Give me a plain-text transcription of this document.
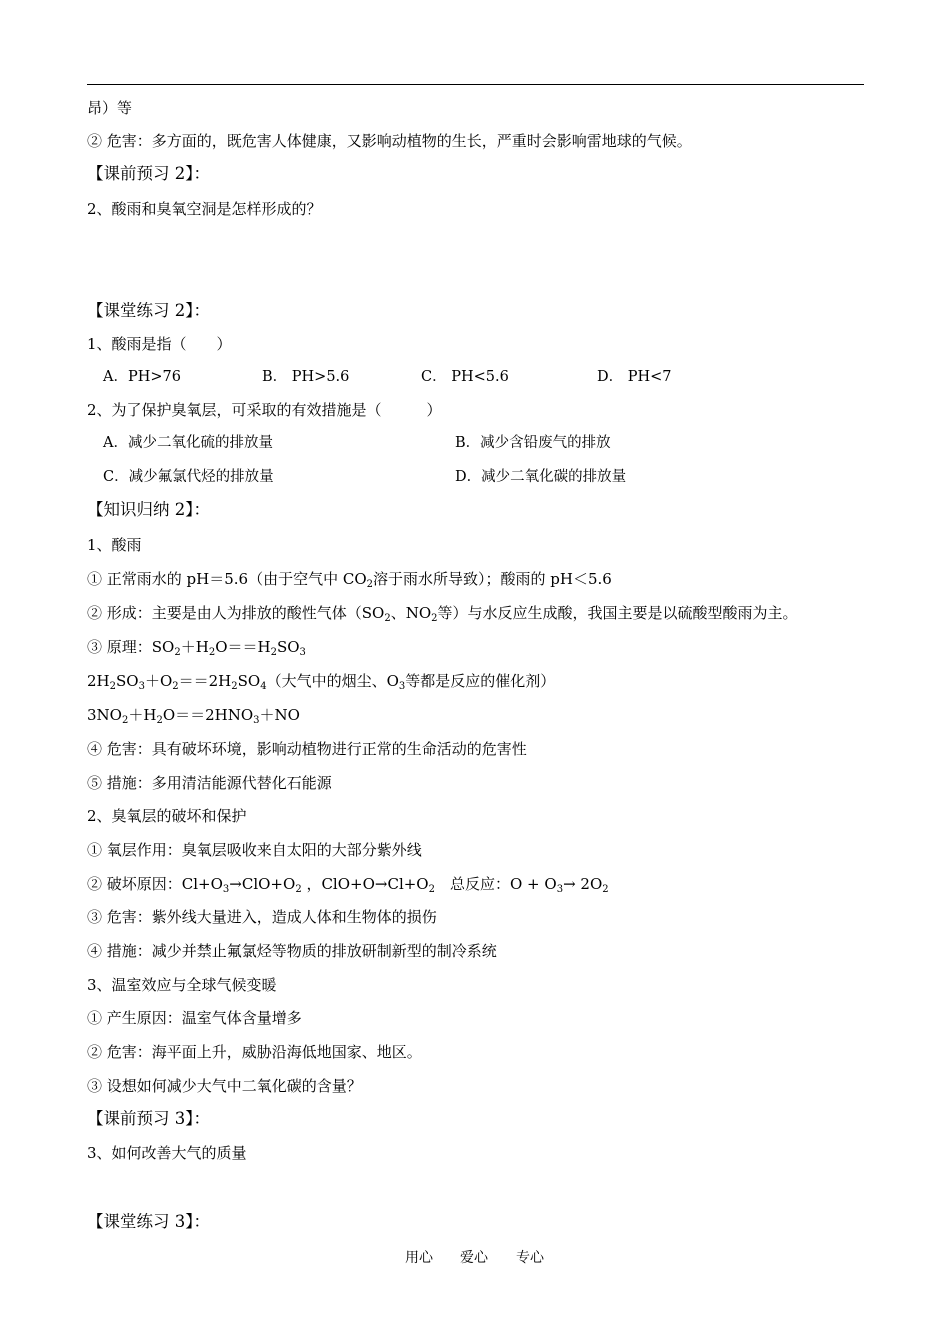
昂）等
② 危害：多方面的，既危害人体健康，又影响动植物的生长，严重时会影响雷地球的气候。
【课前预习 2】：
2、酸雨和臭氧空洞是怎样形成的？
【课堂练习 2】：
1、酸雨是指（　　）
A．PH>76	B． PH>5.6	C． PH<5.6	D． PH<7
2、为了保护臭氧层，可采取的有效措施是（　　　）
A．减少二氧化硫的排放量	B．减少含铅废气的排放
C．减少氟氯代烃的排放量	D．减少二氧化碳的排放量
【知识归纳 2】：
1、酸雨
① 正常雨水的 pH＝5.6（由于空气中 $CO_2$溶于雨水所导致）；酸雨的 pH＜5.6
② 形成：主要是由人为排放的酸性气体（$SO_2$、$NO_2$等）与水反应生成酸，我国主要是以硫酸型酸雨为主。
③ 原理：$SO_2+H_2O==H_2SO_3$
$2H_2SO_3+O_2==2H_2SO_4$（大气中的烟尘、$O_3$等都是反应的催化剂）
$3NO_2+H_2O==2HNO_3+NO$
④ 危害：具有破坏环境，影响动植物进行正常的生命活动的危害性
⑤ 措施：多用清洁能源代替化石能源
2、臭氧层的破坏和保护
① 氧层作用：臭氧层吸收来自太阳的大部分紫外线
② 破坏原因：$Cl+O_3\to ClO+O_2$ ，$ClO+O\to Cl+O_2$　总反应：$O + O_3\to 2O_2$
③ 危害：紫外线大量进入，造成人体和生物体的损伤
④ 措施：减少并禁止氟氯烃等物质的排放研制新型的制冷系统
3、温室效应与全球气候变暖
① 产生原因：温室气体含量增多
② 危害：海平面上升，威胁沿海低地国家、地区。
③ 设想如何减少大气中二氧化碳的含量？
【课前预习 3】：
3、如何改善大气的质量
【课堂练习 3】：
用心 爱心 专心
